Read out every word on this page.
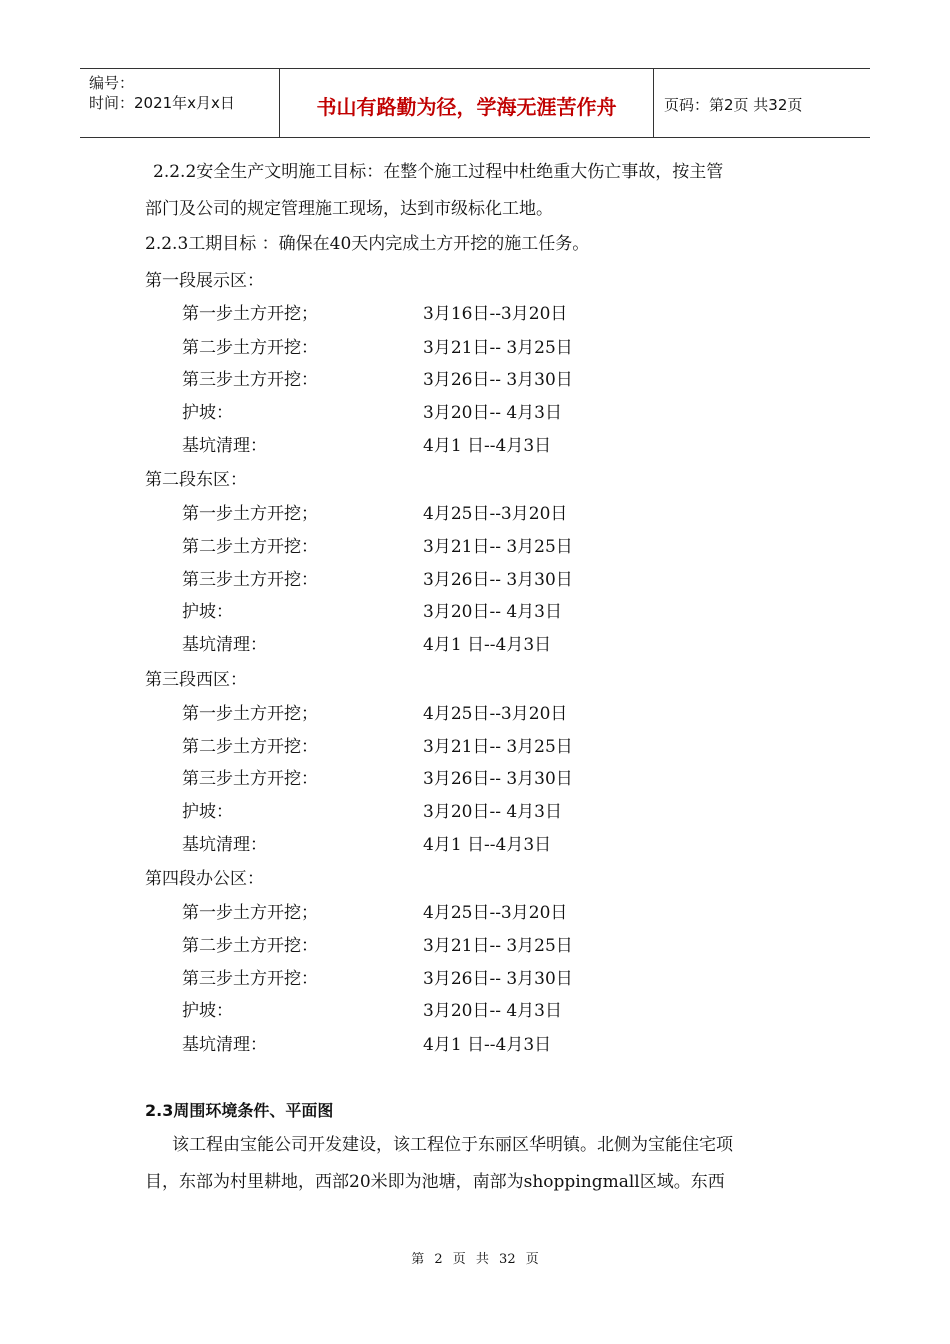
编号：
时间：2021年x月x日	书山有路勤为径，学海无涯苦作舟	页码：第2页 共32页
2.2.2安全生产文明施工目标：在整个施工过程中杜绝重大伤亡事故，按主管
部门及公司的规定管理施工现场，达到市级标化工地。
2.2.3工期目标 ：确保在40天内完成土方开挖的施工任务。
第一段展示区：
第一步土方开挖；	3月16日--3月20日
第二步土方开挖：	3月21日-- 3月25日
第三步土方开挖：	3月26日-- 3月30日
护坡：	3月20日-- 4月3日
基坑清理：	4月1 日--4月3日
第二段东区：
第一步土方开挖；	4月25日--3月20日
第二步土方开挖：	3月21日-- 3月25日
第三步土方开挖：	3月26日-- 3月30日
护坡：	3月20日-- 4月3日
基坑清理：	4月1 日--4月3日
第三段西区：
第一步土方开挖；	4月25日--3月20日
第二步土方开挖：	3月21日-- 3月25日
第三步土方开挖：	3月26日-- 3月30日
护坡：	3月20日-- 4月3日
基坑清理：	4月1 日--4月3日
第四段办公区：
第一步土方开挖；	4月25日--3月20日
第二步土方开挖：	3月21日-- 3月25日
第三步土方开挖：	3月26日-- 3月30日
护坡：	3月20日-- 4月3日
基坑清理：	4月1 日--4月3日
2.3周围环境条件、平面图
该工程由宝能公司开发建设，该工程位于东丽区华明镇。北侧为宝能住宅项
目，东部为村里耕地，西部20米即为池塘，南部为shoppingmall区域。东西
第 2 页 共 32 页
